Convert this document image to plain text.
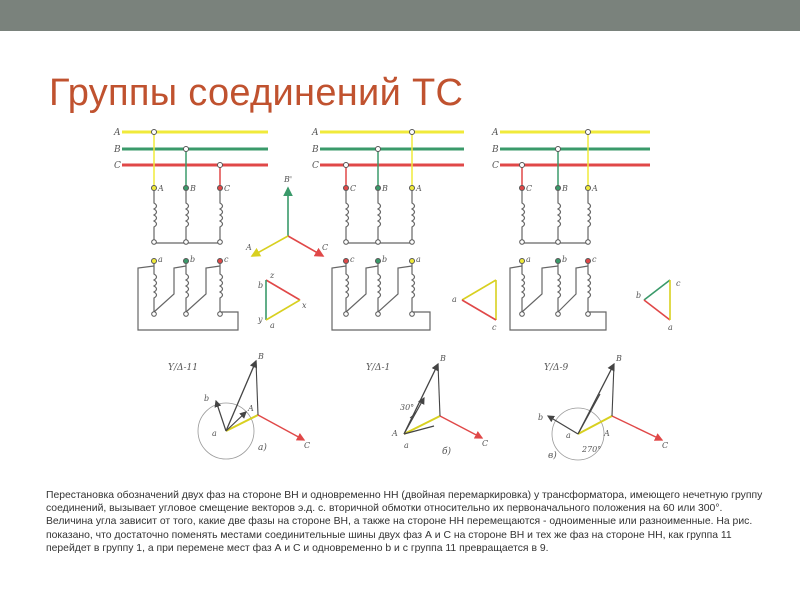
Группы соединений ТС
A
B
C
A	B	C
a	b	c
B'
C
A
z
b
x
y
a
Y/Δ-11
B
b
a
A
C
а)
A
B
C
C	B	A
c	b	a
a
c
Y/Δ-1
30°
B
A
a	C
б)
A
B
C
C	B	A
a	b	c
b
c
a
Y/Δ-9
B
b
a	A
C
270°
в)
Перестановка обозначений двух фаз на стороне ВН и одновременно НН (двойная перемаркировка) у трансформатора, имеющего нечетную группу соединений, вызывает угловое смещение векторов э.д. с. вторичной обмотки относительно их первоначального положения на 60 или 300°. Величина угла зависит от того, какие две фазы на стороне ВН, а также на стороне НН перемещаются - одноименные или разноименные. На рис. показано, что достаточно поменять местами соединительные шины двух фаз А и С на стороне ВН и тех же фаз на стороне НН, как группа 11 перейдет в группу 1, а при перемене мест фаз А и С и одновременно b и с группа 11 превращается в 9.
